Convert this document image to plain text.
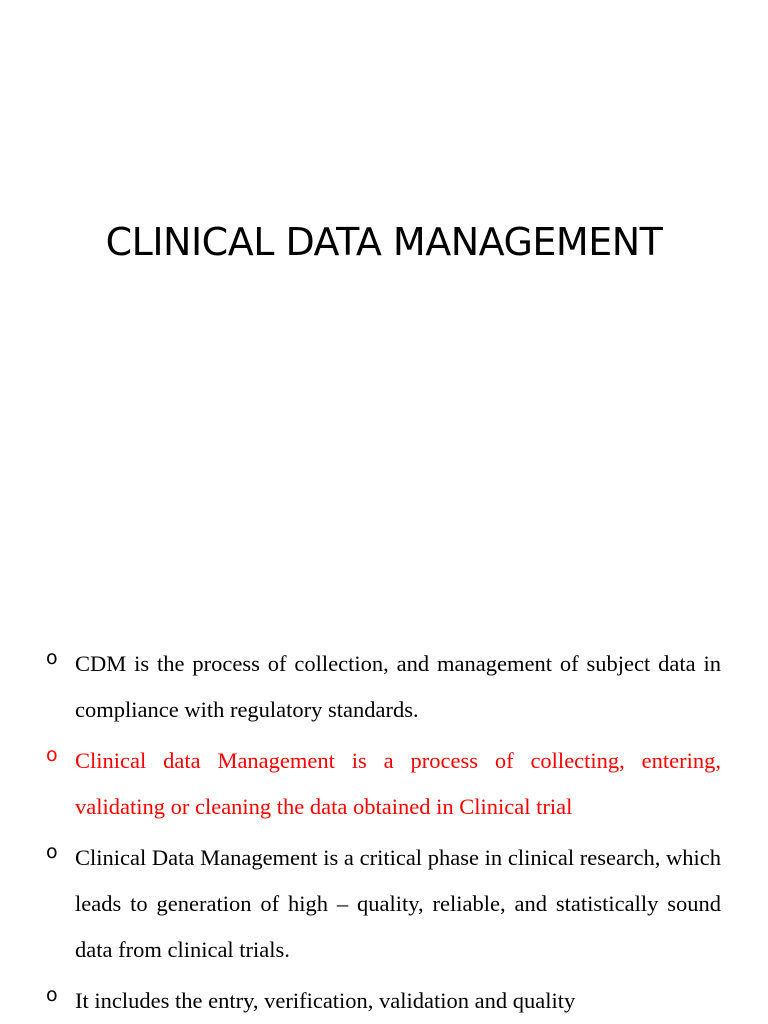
CLINICAL DATA MANAGEMENT
o CDM is the process of collection, and management of subject data in compliance with regulatory standards.
o Clinical data Management is a process of collecting, entering, validating or cleaning the data obtained in Clinical trial
o Clinical Data Management is a critical phase in clinical research, which leads to generation of high – quality, reliable, and statistically sound data from clinical trials.
o It includes the entry, verification, validation and quality
